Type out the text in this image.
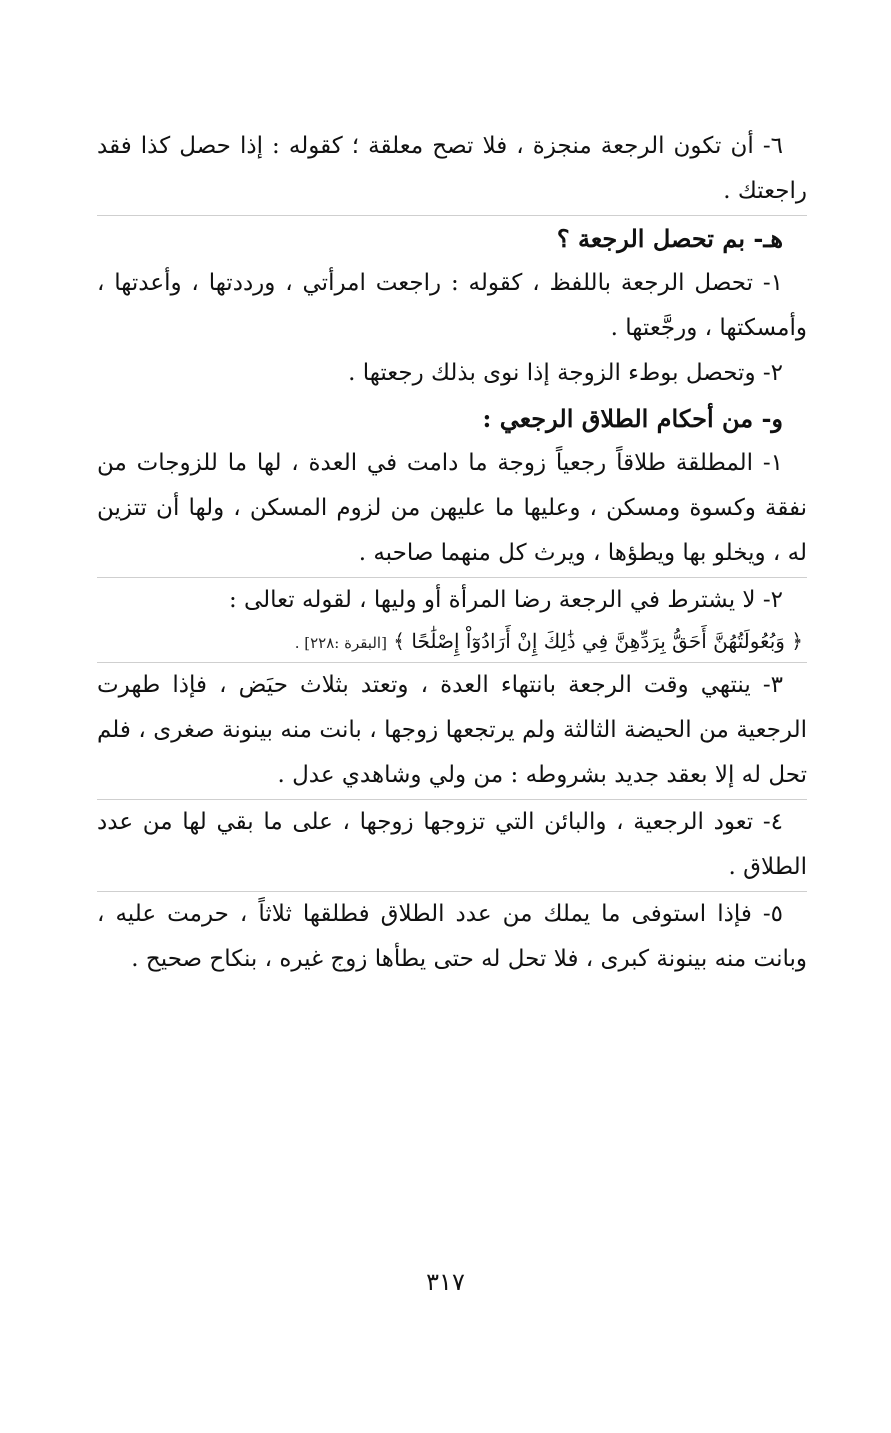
٦- أن تكون الرجعة منجزة ، فلا تصح معلقة ؛ كقوله : إذا حصل كذا فقد راجعتك .

هـ- بم تحصل الرجعة ؟

١- تحصل الرجعة باللفظ ، كقوله : راجعت امرأتي ، ورددتها ، وأعدتها ، وأمسكتها ، ورجَّعتها .

٢- وتحصل بوطء الزوجة إذا نوى بذلك رجعتها .

و- من أحكام الطلاق الرجعي :

١- المطلقة طلاقاً رجعياً زوجة ما دامت في العدة ، لها ما للزوجات من نفقة وكسوة ومسكن ، وعليها ما عليهن من لزوم المسكن ، ولها أن تتزين له ، ويخلو بها ويطؤها ، ويرث كل منهما صاحبه .

٢- لا يشترط في الرجعة رضا المرأة أو وليها ، لقوله تعالى :

﴿ وَبُعُولَتُهُنَّ أَحَقُّ بِرَدِّهِنَّ فِي ذَٰلِكَ إِنْ أَرَادُوٓاْ إِصْلَٰحًا ﴾ [البقرة :٢٢٨] .

٣- ينتهي وقت الرجعة بانتهاء العدة ، وتعتد بثلاث حيَض ، فإذا طهرت الرجعية من الحيضة الثالثة ولم يرتجعها زوجها ، بانت منه بينونة صغرى ، فلم تحل له إلا بعقد جديد بشروطه : من ولي وشاهدي عدل .

٤- تعود الرجعية ، والبائن التي تزوجها زوجها ، على ما بقي لها من عدد الطلاق .

٥- فإذا استوفى ما يملك من عدد الطلاق فطلقها ثلاثاً ، حرمت عليه ، وبانت منه بينونة كبرى ، فلا تحل له حتى يطأها زوج غيره ، بنكاح صحيح .

٣١٧
